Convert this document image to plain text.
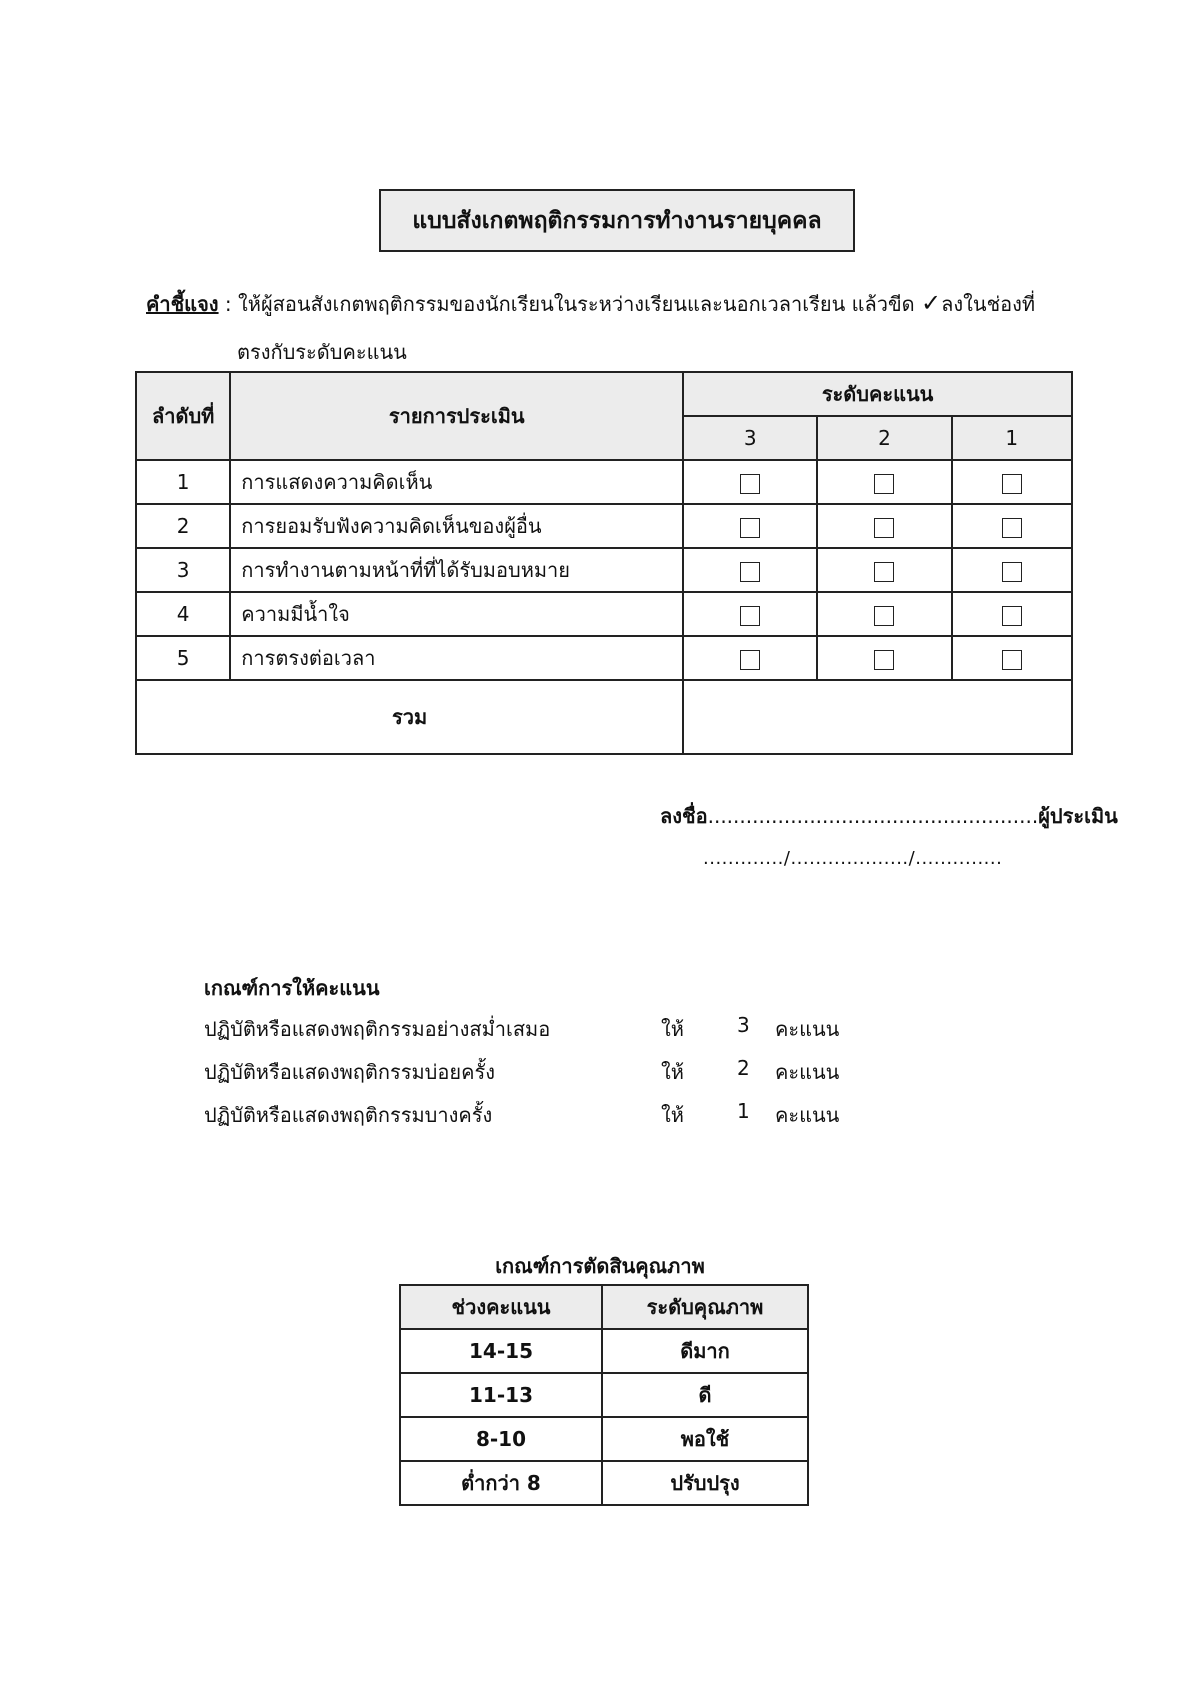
แบบสังเกตพฤติกรรมการทำงานรายบุคคล
คำชี้แจง : ให้ผู้สอนสังเกตพฤติกรรมของนักเรียนในระหว่างเรียนและนอกเวลาเรียน แล้วขีด ✓ลงในช่องที่
ตรงกับระดับคะแนน
ลำดับที่	รายการประเมิน	ระดับคะแนน		
		3	2	1
1	การแสดงความคิดเห็น			
2	การยอมรับฟังความคิดเห็นของผู้อื่น			
3	การทำงานตามหน้าที่ที่ได้รับมอบหมาย			
4	ความมีน้ำใจ			
5	การตรงต่อเวลา			
รวม				
ลงชื่อ....................................................ผู้ประเมิน
............./.................../..............
เกณฑ์การให้คะแนน
ปฏิบัติหรือแสดงพฤติกรรมอย่างสม่ำเสมอ	ให้	3 คะแนน
ปฏิบัติหรือแสดงพฤติกรรมบ่อยครั้ง	ให้	2 คะแนน
ปฏิบัติหรือแสดงพฤติกรรมบางครั้ง	ให้	1 คะแนน
เกณฑ์การตัดสินคุณภาพ
ช่วงคะแนน	ระดับคุณภาพ
14-15	ดีมาก
11-13	ดี
8-10	พอใช้
ต่ำกว่า 8	ปรับปรุง
